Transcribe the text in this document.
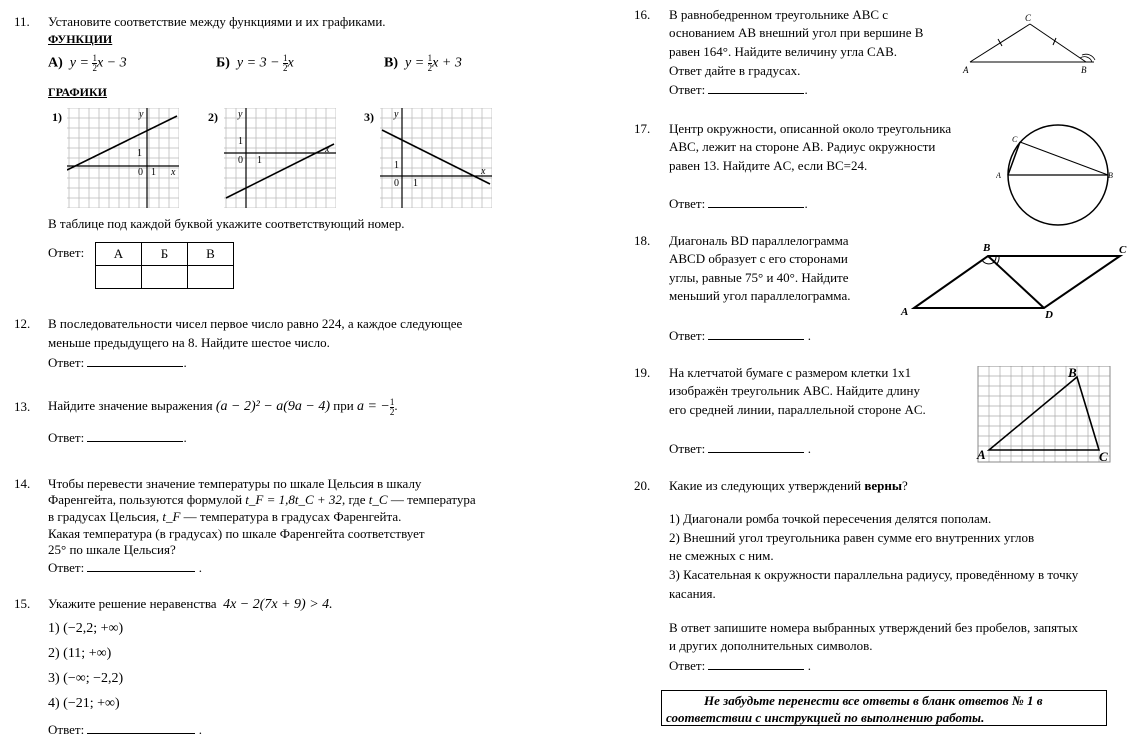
11. Установите соответствие между функциями и их графиками.
ФУНКЦИИ
А) $y = \frac{1}{2}$ x − 3	Б) $y = 3 - \frac{1}{2}$ x	В) $y = \frac{1}{2}$ x + 3
ГРАФИКИ
1)	2)	3)
y
x
0 1
1
y
x
0 1
1
y
x
0 1
1
В таблице под каждой буквой укажите соответствующий номер.
Ответ: А	Б	В

12. В последовательности чисел первое число равно 224, а каждое следующее
меньше предыдущего на 8. Найдите шестое число.
Ответ:	.
13. Найдите значение выражения (a − 2)² − a(9a − 4) при a = − $\frac{1}{2}$ .
Ответ:	.
14. Чтобы перевести значение температуры по шкале Цельсия в шкалу
Фаренгейта, пользуются формулой t_F = 1,8t_C + 32, где t_C — температура
в градусах Цельсия, t_F — температура в градусах Фаренгейта.
Какая температура (в градусах) по шкале Фаренгейта соответствует
25° по шкале Цельсия?
Ответ:	.
15. Укажите решение неравенства 4x − 2(7x + 9) > 4.
1) (−2,2; +∞)
2) (11; +∞)
3) (−∞; −2,2)
4) (−21; +∞)
Ответ:	.
16. В равнобедренном треугольнике ABC с
основанием AB внешний угол при вершине B
равен 164°. Найдите величину угла CAB.
Ответ дайте в градусах.
Ответ:	.
A	B
C
17. Центр окружности, описанной около треугольника
ABC, лежит на стороне AB. Радиус окружности
равен 13. Найдите AC, если BC=24.
Ответ:	.
A	B
C
18. Диагональ BD параллелограмма
ABCD образует с его сторонами
углы, равные 75° и 40°. Найдите
меньший угол параллелограмма.
Ответ:	.
A
B	C
D
19. На клетчатой бумаге с размером клетки 1х1
изображён треугольник ABC. Найдите длину
его средней линии, параллельной стороне AC.
Ответ:	.	A
B
C
20. Какие из следующих утверждений верны?
1) Диагонали ромба точкой пересечения делятся пополам.
2) Внешний угол треугольника равен сумме его внутренних углов
не смежных с ним.
3) Касательная к окружности параллельна радиусу, проведённому в точку
касания.
В ответ запишите номера выбранных утверждений без пробелов, запятых
и других дополнительных символов.
Ответ:	.
Не забудьте перенести все ответы в бланк ответов № 1 в
соответствии с инструкцией по выполнению работы.
